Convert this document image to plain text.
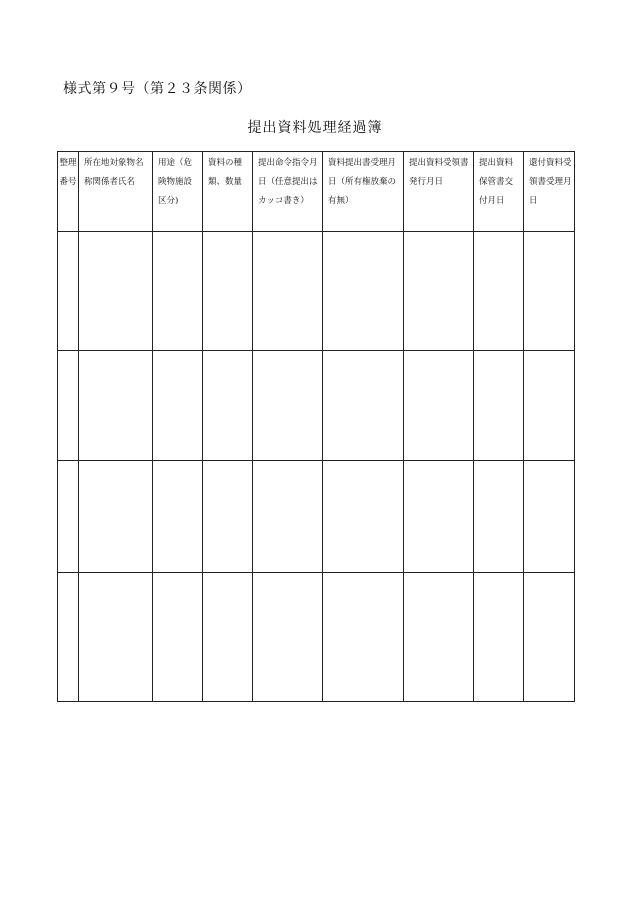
様式第９号（第２３条関係）
提出資料処理経過簿
整理番号	所在地対象物名称関係者氏名	用途（危険物施設区分)	資料の種類、数量	提出命令指令月日（任意提出はカッコ書き）	資料提出書受理月日（所有権放棄の有無）	提出資料受領書発行月日	提出資料保管書交付月日	還付資料受領書受理月日
